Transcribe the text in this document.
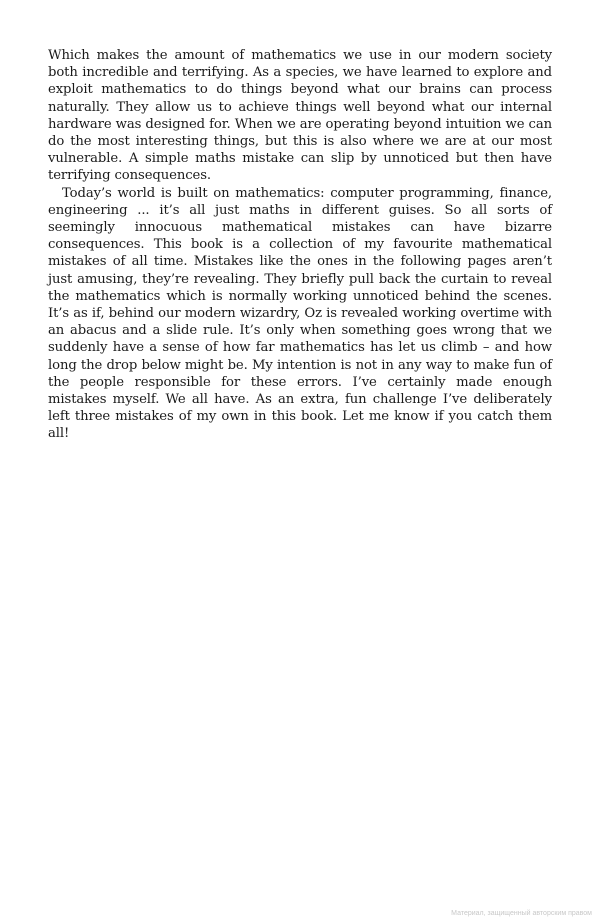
Which makes the amount of mathematics we use in our modern society both incredible and terrifying. As a species, we have learned to explore and exploit mathematics to do things beyond what our brains can process naturally. They allow us to achieve things well beyond what our internal hardware was designed for. When we are operating beyond intuition we can do the most interesting things, but this is also where we are at our most vulnerable. A simple maths mistake can slip by unnoticed but then have terrifying consequences.

Today’s world is built on mathematics: computer programming, finance, engineering ... it’s all just maths in different guises. So all sorts of seemingly innocuous mathematical mistakes can have bizarre consequences. This book is a collection of my favourite mathematical mistakes of all time. Mistakes like the ones in the following pages aren’t just amusing, they’re revealing. They briefly pull back the curtain to reveal the mathematics which is normally working unnoticed behind the scenes. It’s as if, behind our modern wizardry, Oz is revealed working overtime with an abacus and a slide rule. It’s only when something goes wrong that we suddenly have a sense of how far mathematics has let us climb – and how long the drop below might be. My intention is not in any way to make fun of the people responsible for these errors. I’ve certainly made enough mistakes myself. We all have. As an extra, fun challenge I’ve deliberately left three mistakes of my own in this book. Let me know if you catch them all!

Материал, защищенный авторским правом
